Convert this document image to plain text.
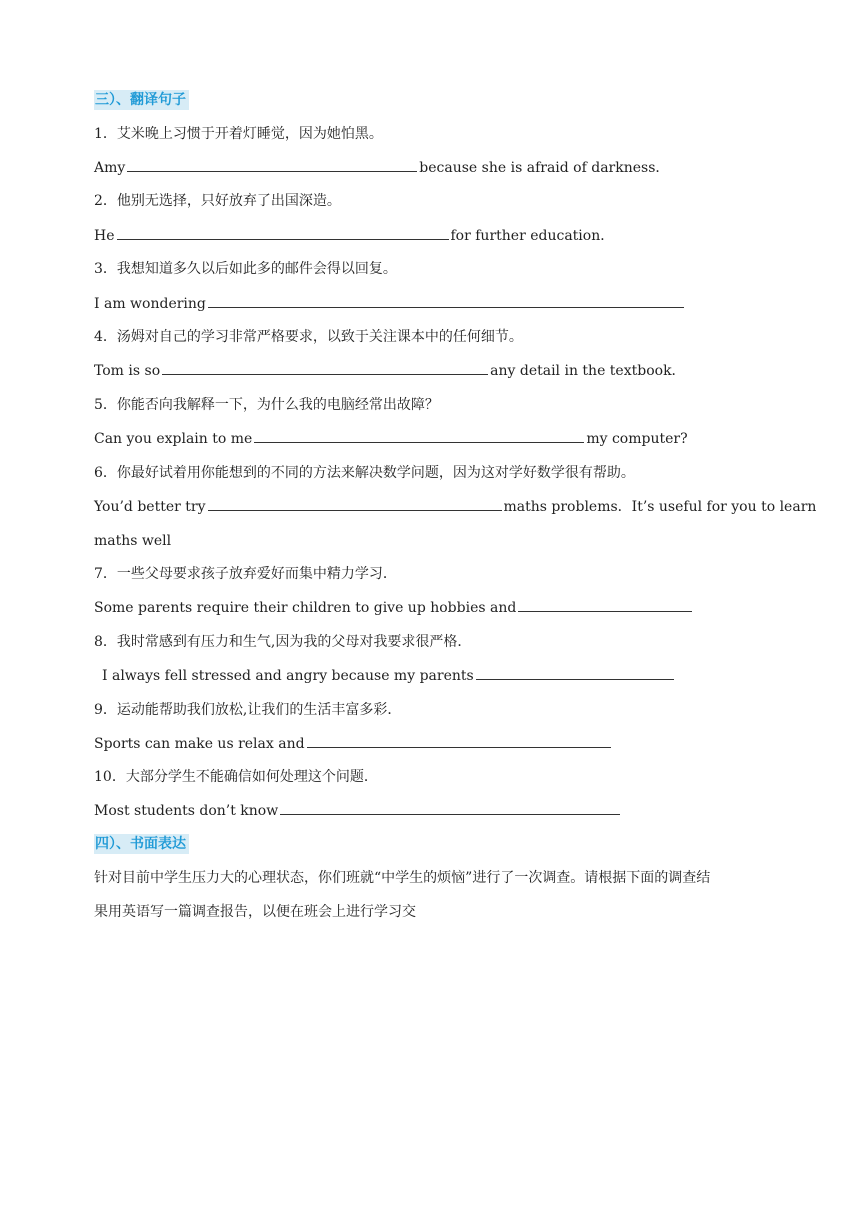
三）、翻译句子
1．艾米晚上习惯于开着灯睡觉，因为她怕黑。
Amy	because she is afraid of darkness．
2．他别无选择，只好放弃了出国深造。
He	for further education．
3．我想知道多久以后如此多的邮件会得以回复。
I am wondering
4．汤姆对自己的学习非常严格要求，以致于关注课本中的任何细节。
Tom is so	any detail in the textbook．
5．你能否向我解释一下，为什么我的电脑经常出故障？
Can you explain to me	my computer?
6．你最好试着用你能想到的不同的方法来解决数学问题，因为这对学好数学很有帮助。
You’d better try	maths problems．It’s useful for you to learn
maths well
7．一些父母要求孩子放弃爱好而集中精力学习．
Some parents require their children to give up hobbies and
8．我时常感到有压力和生气,因为我的父母对我要求很严格．
I always fell stressed and angry because my parents
9．运动能帮助我们放松,让我们的生活丰富多彩．
Sports can make us relax and
10．大部分学生不能确信如何处理这个问题．
Most students don’t know
四）、书面表达
针对目前中学生压力大的心理状态，你们班就“中学生的烦恼”进行了一次调查。请根据下面的调查结
果用英语写一篇调查报告，以便在班会上进行学习交
